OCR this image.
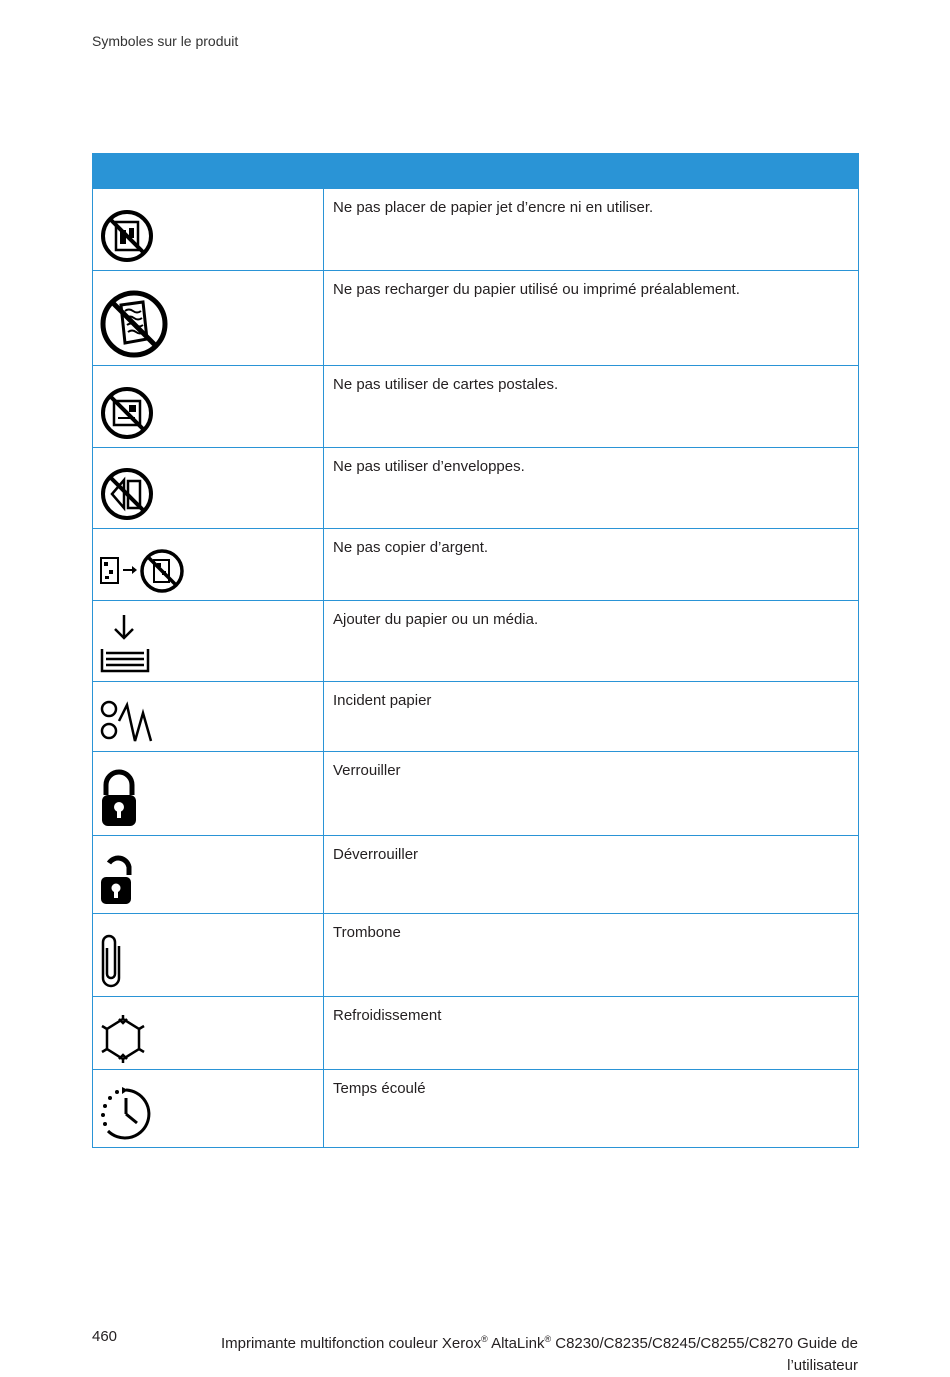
Symboles sur le produit

	Ne pas placer de papier jet d’encre ni en utiliser.

	Ne pas recharger du papier utilisé ou imprimé préalablement.

	Ne pas utiliser de cartes postales.

	Ne pas utiliser d’enveloppes.

	Ne pas copier d’argent.

	Ajouter du papier ou un média.

	Incident papier

	Verrouiller

	Déverrouiller

	Trombone

	Refroidissement

	Temps écoulé
460	Imprimante multifonction couleur Xerox® AltaLink® C8230/C8235/C8245/C8255/C8270 Guide de l’utilisateur
